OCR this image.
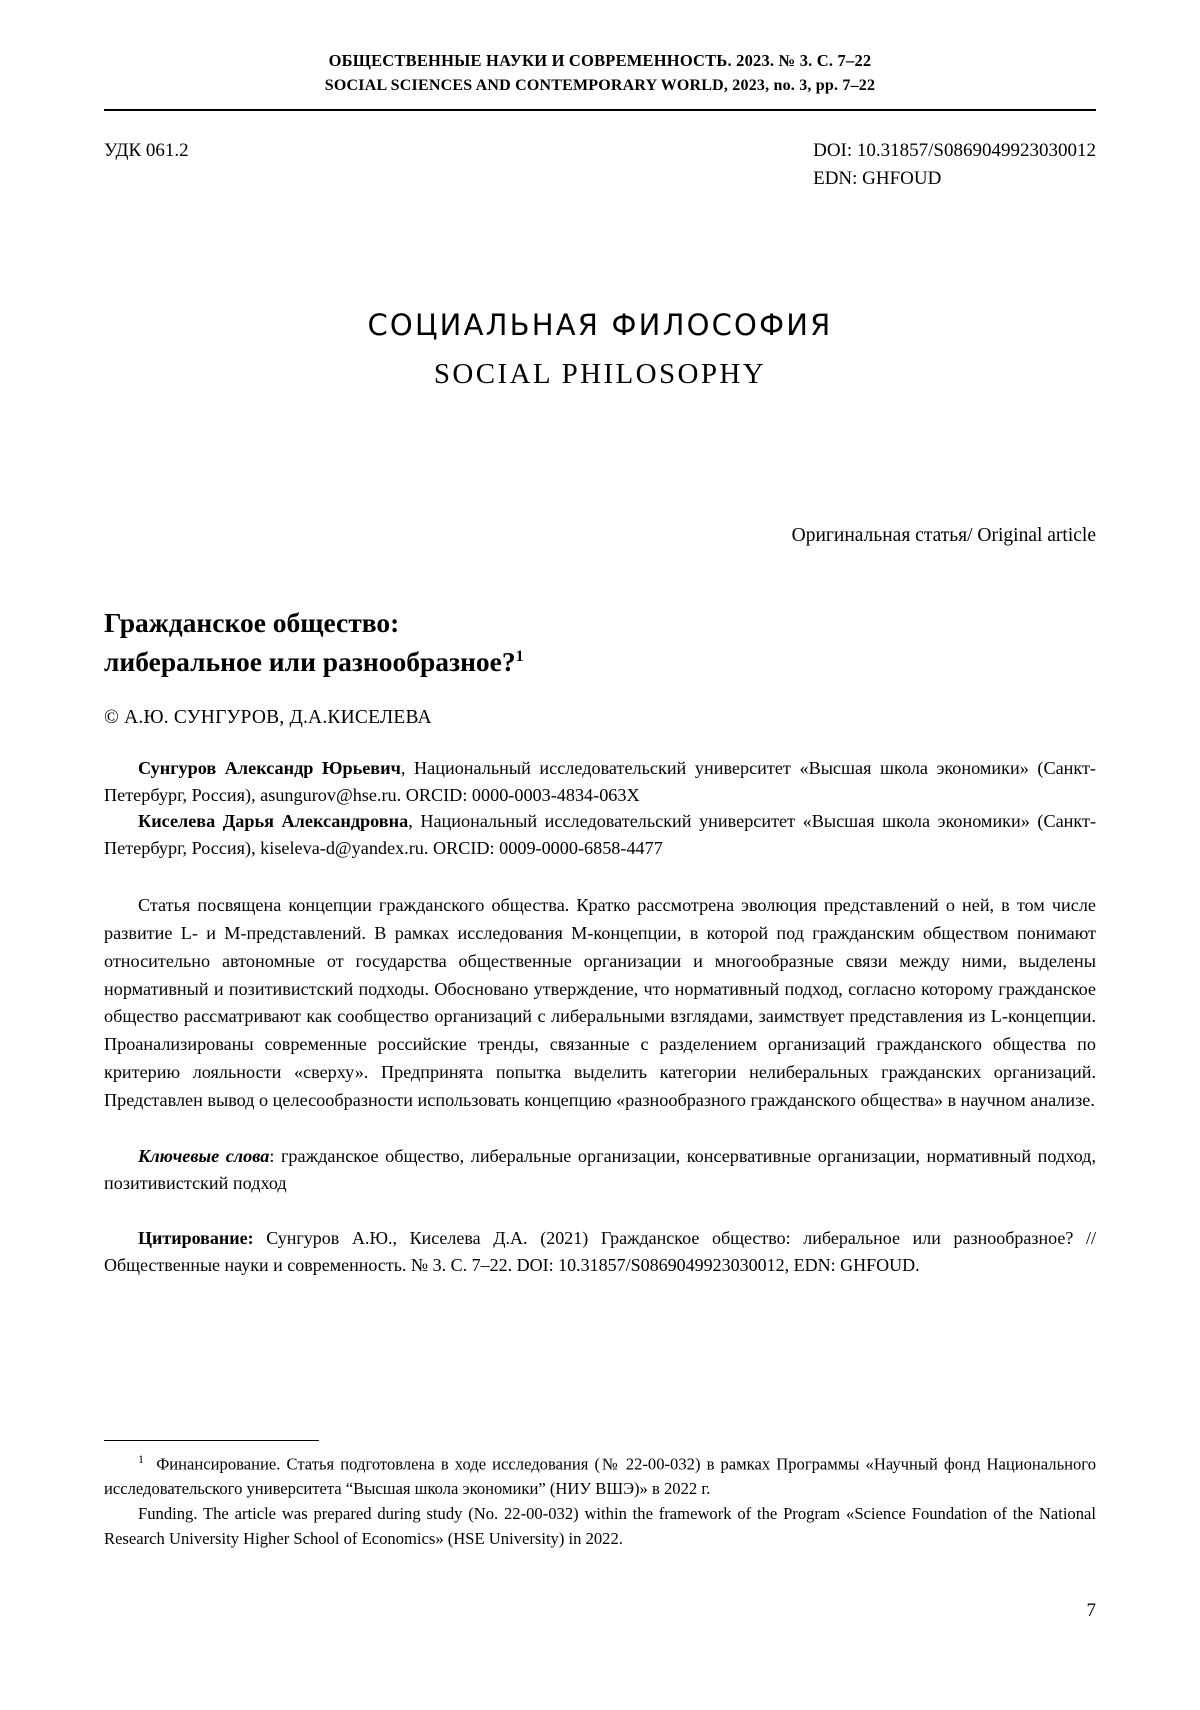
ОБЩЕСТВЕННЫЕ НАУКИ И СОВРЕМЕННОСТЬ. 2023. № 3. C. 7–22
SOCIAL SCIENCES AND CONTEMPORARY WORLD, 2023, no. 3, pp. 7–22
УДК 061.2	DOI: 10.31857/S0869049923030012
EDN: GHFOUD
СОЦИАЛЬНАЯ ФИЛОСОФИЯ
SOCIAL PHILOSOPHY
Оригинальная статья/ Original article
Гражданское общество:
либеральное или разнообразное?$^1$
© А.Ю. СУНГУРОВ, Д.А.КИСЕЛЕВА

Сунгуров Александр Юрьевич, Национальный исследовательский университет «Высшая школа экономики» (Санкт-Петербург, Россия), asungurov@hse.ru. ORCID: 0000-0003-4834-063X

Киселева Дарья Александровна, Национальный исследовательский университет «Высшая школа экономики» (Санкт-Петербург, Россия), kiseleva-d@yandex.ru. ORCID: 0009-0000-6858-4477

Статья посвящена концепции гражданского общества. Кратко рассмотрена эволюция представлений о ней, в том числе развитие L- и M-представлений. В рамках исследования M-концепции, в которой под гражданским обществом понимают относительно автономные от государства общественные организации и многообразные связи между ними, выделены нормативный и позитивистский подходы. Обосновано утверждение, что нормативный подход, согласно которому гражданское общество рассматривают как сообщество организаций с либеральными взглядами, заимствует представления из L-концепции. Проанализированы современные российские тренды, связанные с разделением организаций гражданского общества по критерию лояльности «сверху». Предпринята попытка выделить категории нелиберальных гражданских организаций. Представлен вывод о целесообразности использовать концепцию «разнообразного гражданского общества» в научном анализе.

Ключевые слова: гражданское общество, либеральные организации, консервативные организации, нормативный подход, позитивистский подход

Цитирование: Сунгуров А.Ю., Киселева Д.А. (2021) Гражданское общество: либеральное или разнообразное? // Общественные науки и современность. № 3. C. 7–22. DOI: 10.31857/S0869049923030012, EDN: GHFOUD.

$^1$ Финансирование. Статья подготовлена в ходе исследования (№ 22-00-032) в рамках Программы «Научный фонд Национального исследовательского университета “Высшая школа экономики” (НИУ ВШЭ)» в 2022 г.

Funding. The article was prepared during study (No. 22-00-032) within the framework of the Program «Science Foundation of the National Research University Higher School of Economics» (HSE University) in 2022.

7
